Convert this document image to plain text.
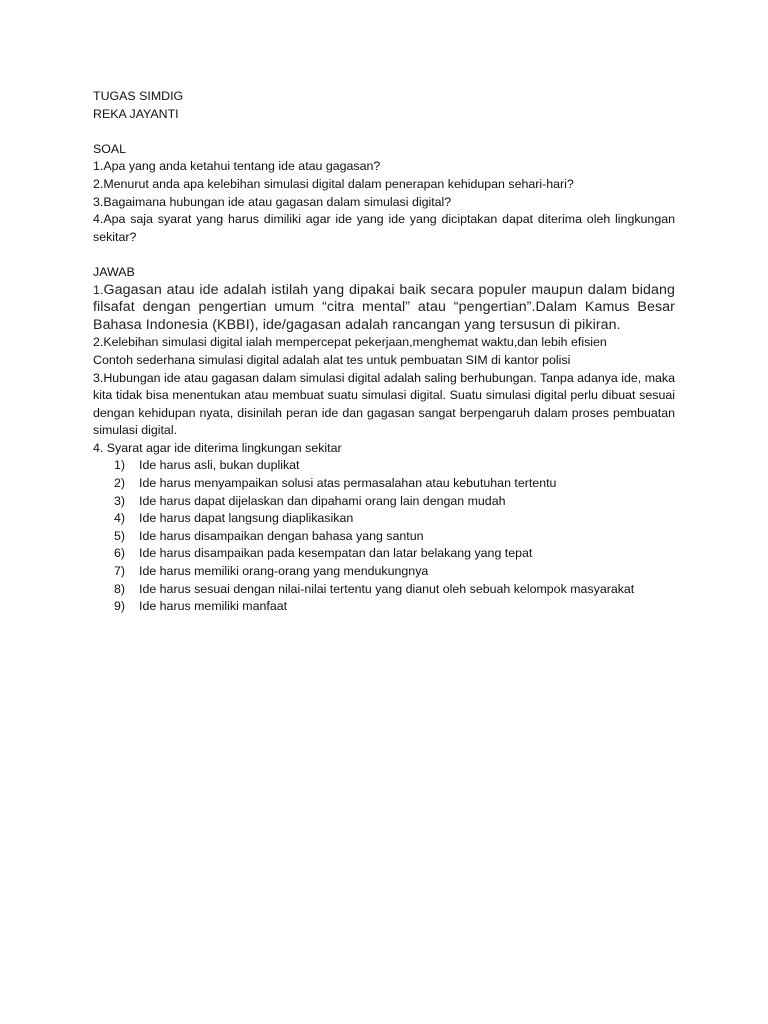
TUGAS SIMDIG
REKA JAYANTI
SOAL
1.Apa yang anda ketahui tentang ide atau gagasan?
2.Menurut anda apa kelebihan simulasi digital dalam penerapan kehidupan sehari-hari?
3.Bagaimana hubungan ide atau gagasan dalam simulasi digital?
4.Apa saja syarat yang harus dimiliki agar ide yang ide yang diciptakan dapat diterima oleh lingkungan sekitar?
JAWAB
1.Gagasan atau ide adalah istilah yang dipakai baik secara populer maupun dalam bidang filsafat dengan pengertian umum “citra mental” atau “pengertian”.Dalam Kamus Besar Bahasa Indonesia (KBBI), ide/gagasan adalah rancangan yang tersusun di pikiran.
2.Kelebihan simulasi digital ialah mempercepat pekerjaan,menghemat waktu,dan lebih efisien
Contoh sederhana simulasi digital adalah alat tes untuk pembuatan SIM di kantor polisi
3.Hubungan ide atau gagasan dalam simulasi digital adalah saling berhubungan. Tanpa adanya ide, maka kita tidak bisa menentukan atau membuat suatu simulasi digital. Suatu simulasi digital perlu dibuat sesuai dengan kehidupan nyata, disinilah peran ide dan gagasan sangat berpengaruh dalam proses pembuatan simulasi digital.
4. Syarat agar ide diterima lingkungan sekitar
1) Ide harus asli, bukan duplikat
2) Ide harus menyampaikan solusi atas permasalahan atau kebutuhan tertentu
3) Ide harus dapat dijelaskan dan dipahami orang lain dengan mudah
4) Ide harus dapat langsung diaplikasikan
5) Ide harus disampaikan dengan bahasa yang santun
6) Ide harus disampaikan pada kesempatan dan latar belakang yang tepat
7) Ide harus memiliki orang-orang yang mendukungnya
8) Ide harus sesuai dengan nilai-nilai tertentu yang dianut oleh sebuah kelompok masyarakat
9) Ide harus memiliki manfaat
